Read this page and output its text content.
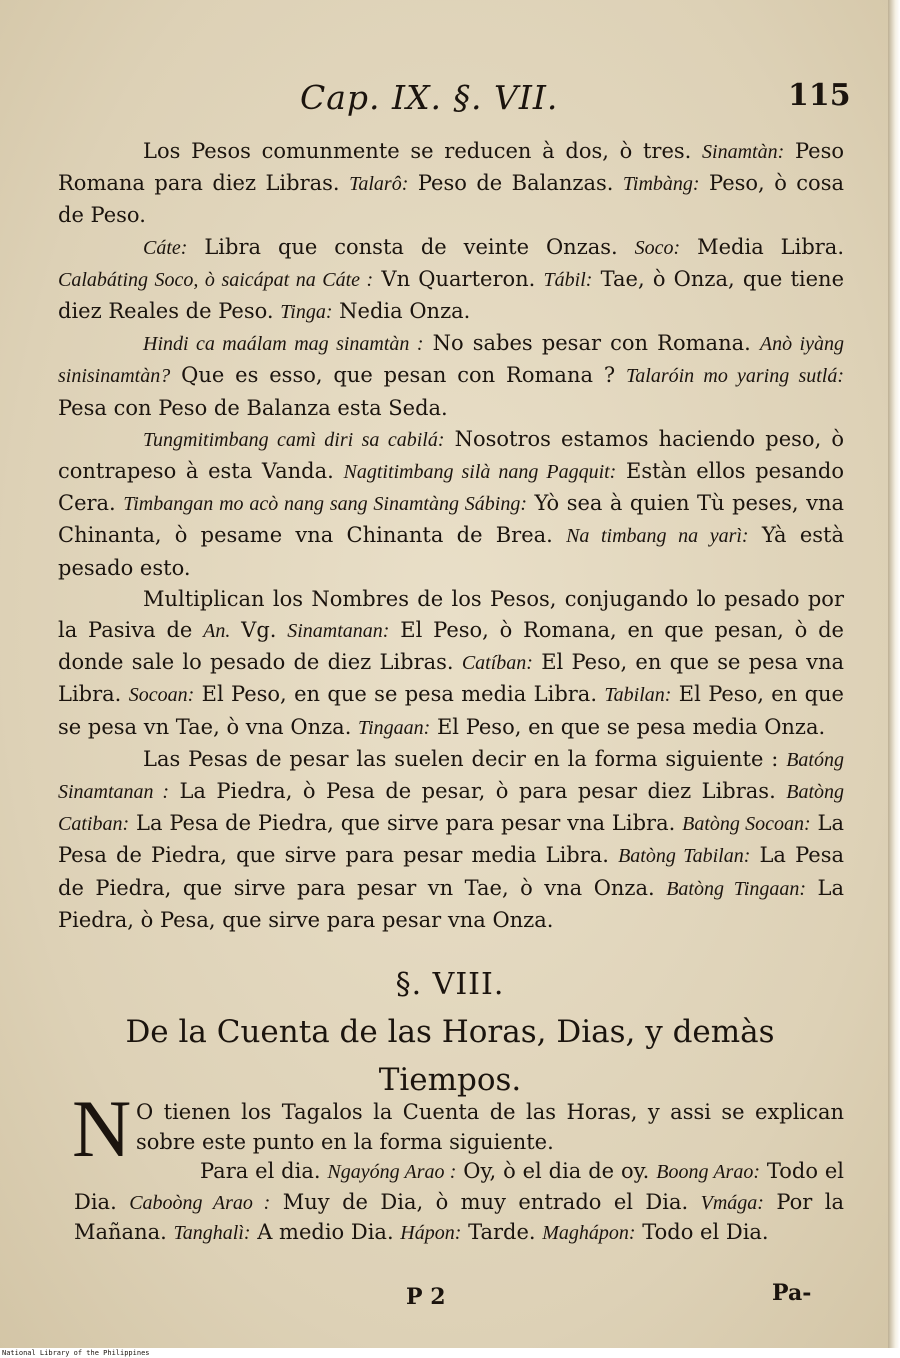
Cap. IX. §. VII.	115

Los Pesos comunmente se reducen à dos, ò tres. Sinamtàn: Peso Romana para diez Libras. Talarô: Peso de Balanzas. Timbàng: Peso, ò cosa de Peso.

Cáte: Libra que consta de veinte Onzas. Soco: Media Libra. Calabáting Soco, ò saicápat na Cáte : Vn Quarteron. Tábil: Tae, ò Onza, que tiene diez Reales de Peso. Tinga: Nedia Onza.

Hindi ca maálam mag sinamtàn : No sabes pesar con Romana. Anò iyàng sinisinamtàn? Que es esso, que pesan con Romana ? Talaróin mo yaring sutlá: Pesa con Peso de Balanza esta Seda.

Tungmitimbang camì diri sa cabilá: Nosotros estamos haciendo peso, ò contrapeso à esta Vanda. Nagtitimbang silà nang Pagquit: Estàn ellos pesando Cera. Timbangan mo acò nang sang Sinamtàng Sábing: Yò sea à quien Tù peses, vna Chinanta, ò pesame vna Chinanta de Brea. Na timbang na yarì: Yà està pesado esto.

Multiplican los Nombres de los Pesos, conjugando lo pesado por la Pasiva de An. Vg. Sinamtanan: El Peso, ò Romana, en que pesan, ò de donde sale lo pesado de diez Libras. Catíban: El Peso, en que se pesa vna Libra. Socoan: El Peso, en que se pesa media Libra. Tabilan: El Peso, en que se pesa vn Tae, ò vna Onza. Tingaan: El Peso, en que se pesa media Onza.

Las Pesas de pesar las suelen decir en la forma siguiente : Batóng Sinamtanan : La Piedra, ò Pesa de pesar, ò para pesar diez Libras. Batòng Catiban: La Pesa de Piedra, que sirve para pesar vna Libra. Batòng Socoan: La Pesa de Piedra, que sirve para pesar media Libra. Batòng Tabilan: La Pesa de Piedra, que sirve para pesar vn Tae, ò vna Onza. Batòng Tingaan: La Piedra, ò Pesa, que sirve para pesar vna Onza.

§. VIII.
De la Cuenta de las Horas, Dias, y demàs
Tiempos.
N O tienen los Tagalos la Cuenta de las Horas, y assi se explican sobre este punto en la forma siguiente.

Para el dia. Ngayóng Arao : Oy, ò el dia de oy. Boong Arao: Todo el Dia. Caboòng Arao : Muy de Dia, ò muy entrado el Dia. Vmága: Por la Mañana. Tanghalì: A medio Dia. Hápon: Tarde. Maghápon: Todo el Dia.

P 2	Pa-
National Library of the Philippines
